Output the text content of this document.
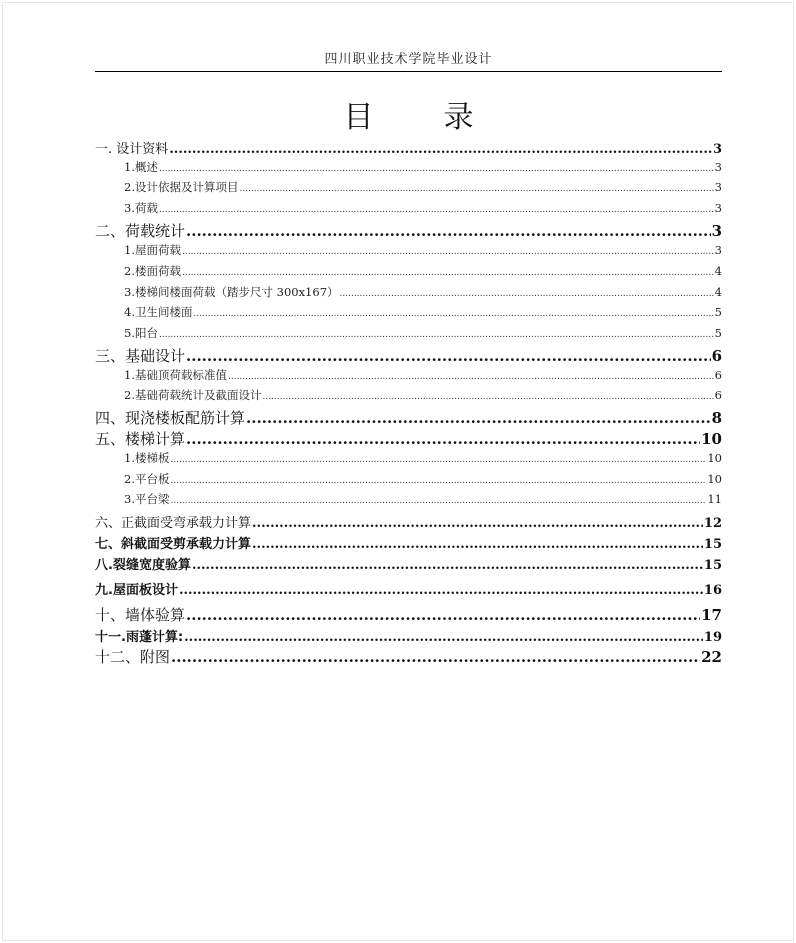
四川职业技术学院毕业设计
目　录
一. 设计资料 .....	3
1.概述 .....	3
2.设计依据及计算项目 .....	3
3.荷载 .....	3
二、荷载统计 .....	3
1.屋面荷载 .....	3
2.楼面荷载 .....	4
3.楼梯间楼面荷载（踏步尺寸 300x167） .....	4
4.卫生间楼面 .....	5
5.阳台 .....	5
三、基础设计 .....	6
1.基础顶荷载标准值 .....	6
2.基础荷载统计及截面设计 .....	6
四、现浇楼板配筋计算 .....	8
五、楼梯计算 .....	10
1.楼梯板 .....	10
2.平台板 .....	10
3.平台梁 .....	11
六、正截面受弯承载力计算 .....	12
七、斜截面受剪承载力计算 .....	15
八.裂缝宽度验算 .....	15
九.屋面板设计 .....	16
十、墙体验算 .....	17
十一.雨蓬计算: .....	19
十二、附图 .....	22
